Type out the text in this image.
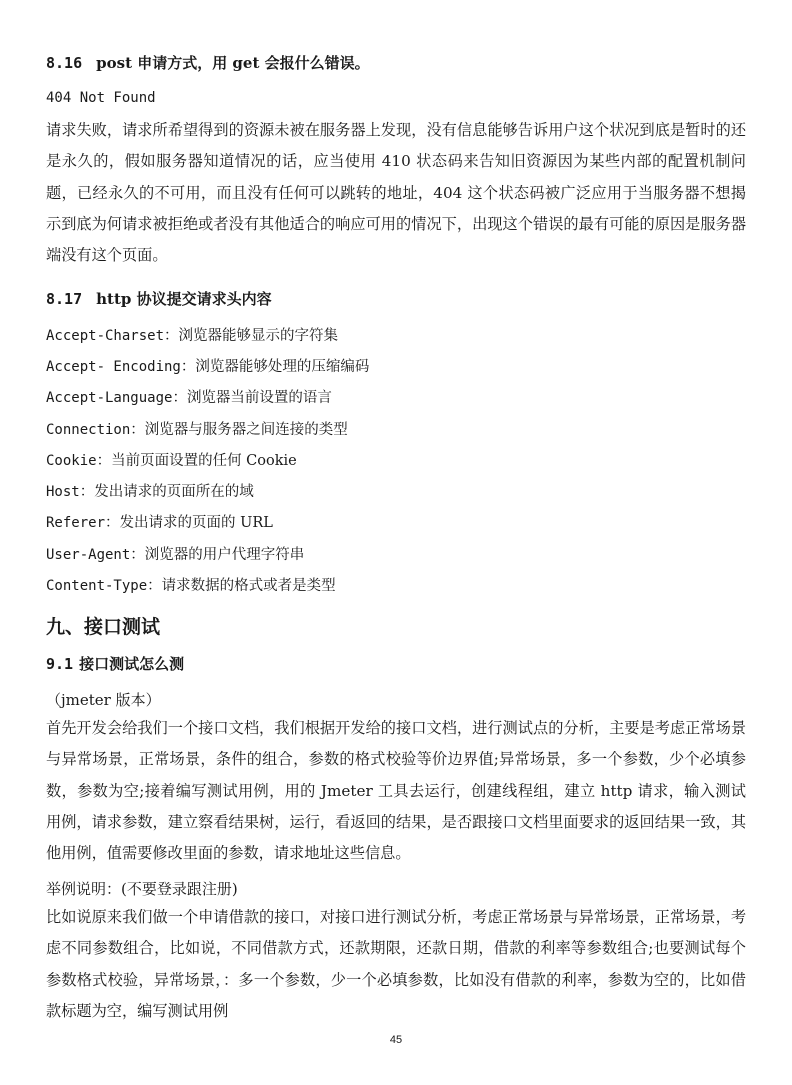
8.16 post 申请方式，用 get 会报什么错误。
404 Not Found
请求失败，请求所希望得到的资源未被在服务器上发现，没有信息能够告诉用户这个状况到底是暂时的还是永久的，假如服务器知道情况的话，应当使用 410 状态码来告知旧资源因为某些内部的配置机制问题，已经永久的不可用，而且没有任何可以跳转的地址，404 这个状态码被广泛应用于当服务器不想揭示到底为何请求被拒绝或者没有其他适合的响应可用的情况下，出现这个错误的最有可能的原因是服务器端没有这个页面。
8.17 http 协议提交请求头内容
Accept-Charset：浏览器能够显示的字符集
Accept- Encoding：浏览器能够处理的压缩编码
Accept-Language：浏览器当前设置的语言
Connection：浏览器与服务器之间连接的类型
Cookie：当前页面设置的任何 Cookie
Host：发出请求的页面所在的域
Referer：发出请求的页面的 URL
User-Agent：浏览器的用户代理字符串
Content-Type：请求数据的格式或者是类型
九、接口测试
9.1 接口测试怎么测
（jmeter 版本）
首先开发会给我们一个接口文档，我们根据开发给的接口文档，进行测试点的分析，主要是考虑正常场景与异常场景，正常场景，条件的组合，参数的格式校验等价边界值;异常场景，多一个参数，少个必填参数，参数为空;接着编写测试用例，用的 Jmeter 工具去运行，创建线程组，建立 http 请求，输入测试用例，请求参数，建立察看结果树，运行，看返回的结果，是否跟接口文档里面要求的返回结果一致，其他用例，值需要修改里面的参数，请求地址这些信息。
举例说明：(不要登录跟注册)
比如说原来我们做一个申请借款的接口，对接口进行测试分析，考虑正常场景与异常场景，正常场景，考虑不同参数组合，比如说，不同借款方式，还款期限，还款日期，借款的利率等参数组合;也要测试每个参数格式校验，异常场景，：多一个参数，少一个必填参数，比如没有借款的利率，参数为空的，比如借款标题为空，编写测试用例
45
